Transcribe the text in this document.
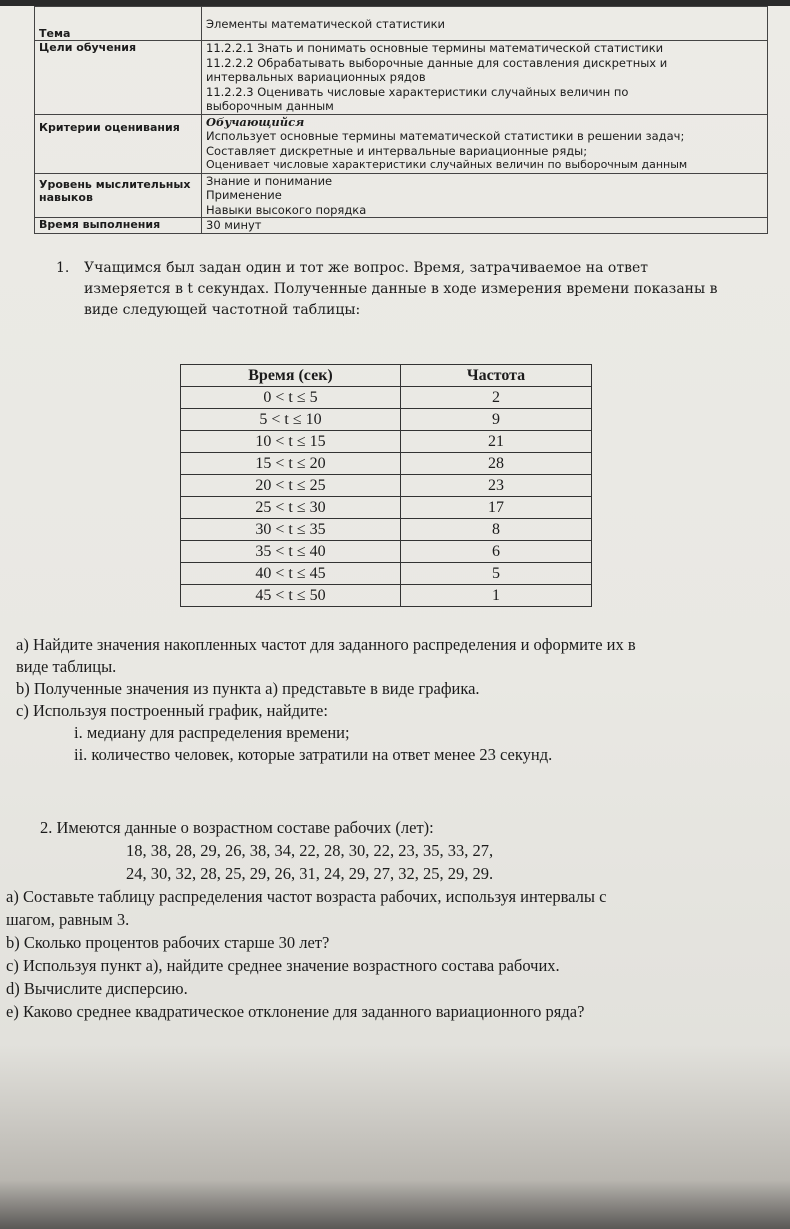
Тема	Элементы математической статистики
Цели обучения	11.2.2.1 Знать и понимать основные термины математической статистики
11.2.2.2 Обрабатывать выборочные данные для составления дискретных и
интервальных вариационных рядов
11.2.2.3 Оценивать числовые характеристики случайных величин по
выборочным данным

Критерии оценивания	Обучающийся
Использует основные термины математической статистики в решении задач;
Составляет дискретные и интервальные вариационные ряды;
Оценивает числовые характеристики случайных величин по выборочным данным

Уровень мыслительных навыков	Знание и понимание
Применение
Навыки высокого порядка

Время выполнения	30 минут
1. Учащимся был задан один и тот же вопрос. Время, затрачиваемое на ответ
измеряется в t секундах. Полученные данные в ходе измерения времени показаны в
виде следующей частотной таблицы:
Время (сек)	Частота
0 < t ≤ 5	2
5 < t ≤ 10	9
10 < t ≤ 15	21
15 < t ≤ 20	28
20 < t ≤ 25	23
25 < t ≤ 30	17
30 < t ≤ 35	8
35 < t ≤ 40	6
40 < t ≤ 45	5
45 < t ≤ 50	1
a) Найдите значения накопленных частот для заданного распределения и оформите их в
виде таблицы.
b) Полученные значения из пункта a) представьте в виде графика.
c) Используя построенный график, найдите:
i. медиану для распределения времени;
ii. количество человек, которые затратили на ответ менее 23 секунд.
2. Имеются данные о возрастном составе рабочих (лет):
18, 38, 28, 29, 26, 38, 34, 22, 28, 30, 22, 23, 35, 33, 27,
24, 30, 32, 28, 25, 29, 26, 31, 24, 29, 27, 32, 25, 29, 29.
a) Составьте таблицу распределения частот возраста рабочих, используя интервалы с
шагом, равным 3.
b) Сколько процентов рабочих старше 30 лет?
c) Используя пункт a), найдите среднее значение возрастного состава рабочих.
d) Вычислите дисперсию.
e) Каково среднее квадратическое отклонение для заданного вариационного ряда?
